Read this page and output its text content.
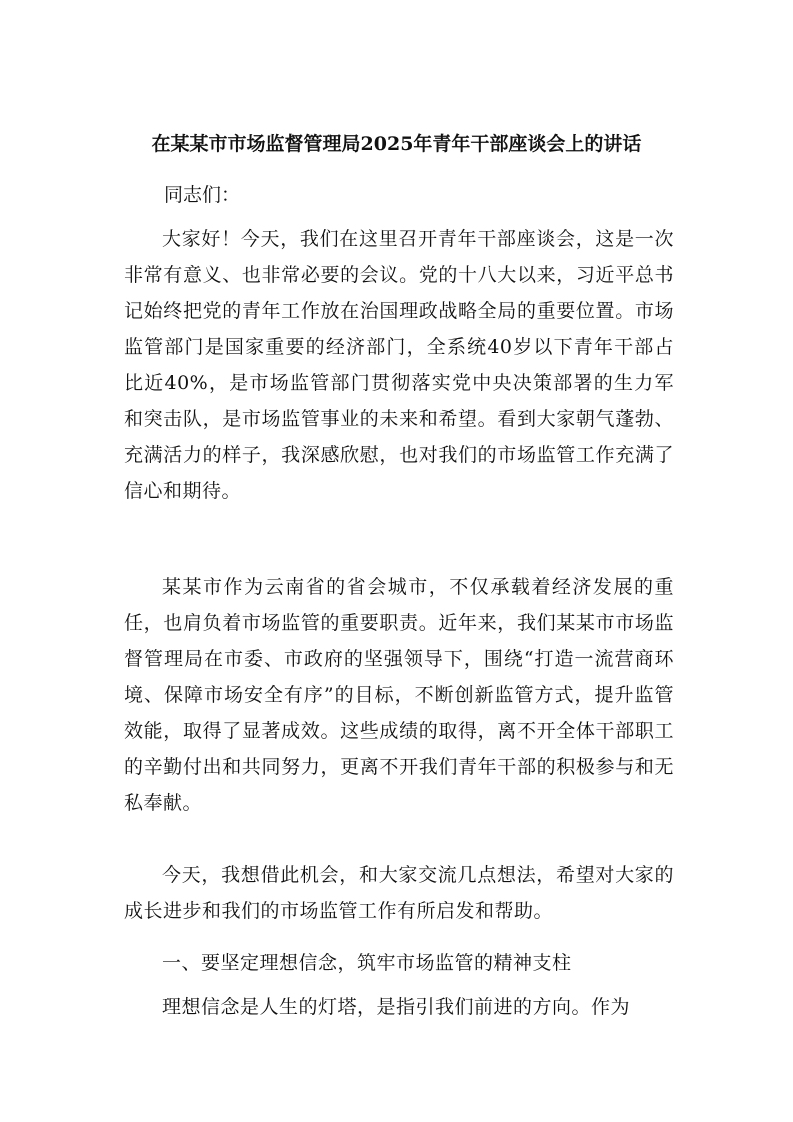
在某某市市场监督管理局2025年青年干部座谈会上的讲话
同志们：

大家好！今天，我们在这里召开青年干部座谈会，这是一次非常有意义、也非常必要的会议。党的十八大以来，习近平总书记始终把党的青年工作放在治国理政战略全局的重要位置。市场监管部门是国家重要的经济部门，全系统40岁以下青年干部占比近40%，是市场监管部门贯彻落实党中央决策部署的生力军和突击队，是市场监管事业的未来和希望。看到大家朝气蓬勃、充满活力的样子，我深感欣慰，也对我们的市场监管工作充满了信心和期待。

某某市作为云南省的省会城市，不仅承载着经济发展的重任，也肩负着市场监管的重要职责。近年来，我们某某市市场监督管理局在市委、市政府的坚强领导下，围绕“打造一流营商环境、保障市场安全有序”的目标，不断创新监管方式，提升监管效能，取得了显著成效。这些成绩的取得，离不开全体干部职工的辛勤付出和共同努力，更离不开我们青年干部的积极参与和无私奉献。

今天，我想借此机会，和大家交流几点想法，希望对大家的成长进步和我们的市场监管工作有所启发和帮助。

一、要坚定理想信念，筑牢市场监管的精神支柱

理想信念是人生的灯塔，是指引我们前进的方向。作为
